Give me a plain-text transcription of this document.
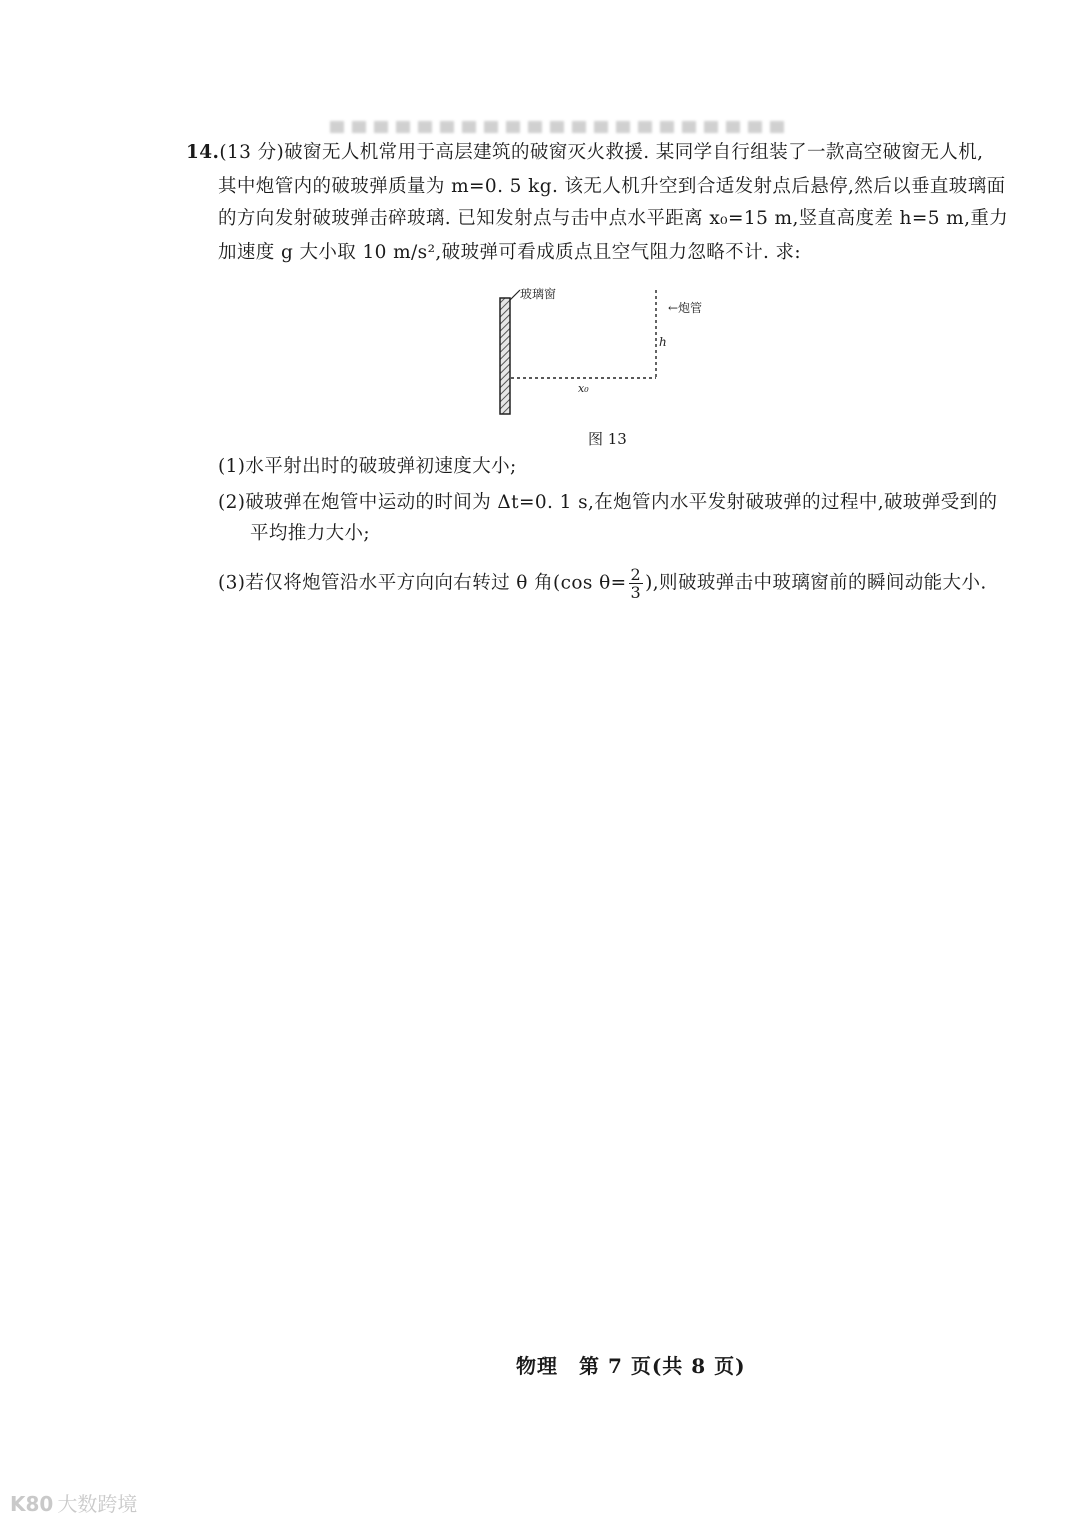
14.(13 分)破窗无人机常用于高层建筑的破窗灭火救援. 某同学自行组装了一款高空破窗无人机,
其中炮管内的破玻弹质量为 m=0. 5 kg. 该无人机升空到合适发射点后悬停,然后以垂直玻璃面
的方向发射破玻弹击碎玻璃. 已知发射点与击中点水平距离 x₀=15 m,竖直高度差 h=5 m,重力
加速度 g 大小取 10 m/s²,破玻弹可看成质点且空气阻力忽略不计. 求:
玻璃窗
←炮管
h
x₀
图 13
(1)水平射出时的破玻弹初速度大小;
(2)破玻弹在炮管中运动的时间为 Δt=0. 1 s,在炮管内水平发射破玻弹的过程中,破玻弹受到的
平均推力大小;
(3)若仅将炮管沿水平方向向右转过 θ 角(cos $\theta= \frac{2}{3}$ ),则破玻弹击中玻璃窗前的瞬间动能大小.
物理　第 7 页(共 8 页)
K80 大数跨境
